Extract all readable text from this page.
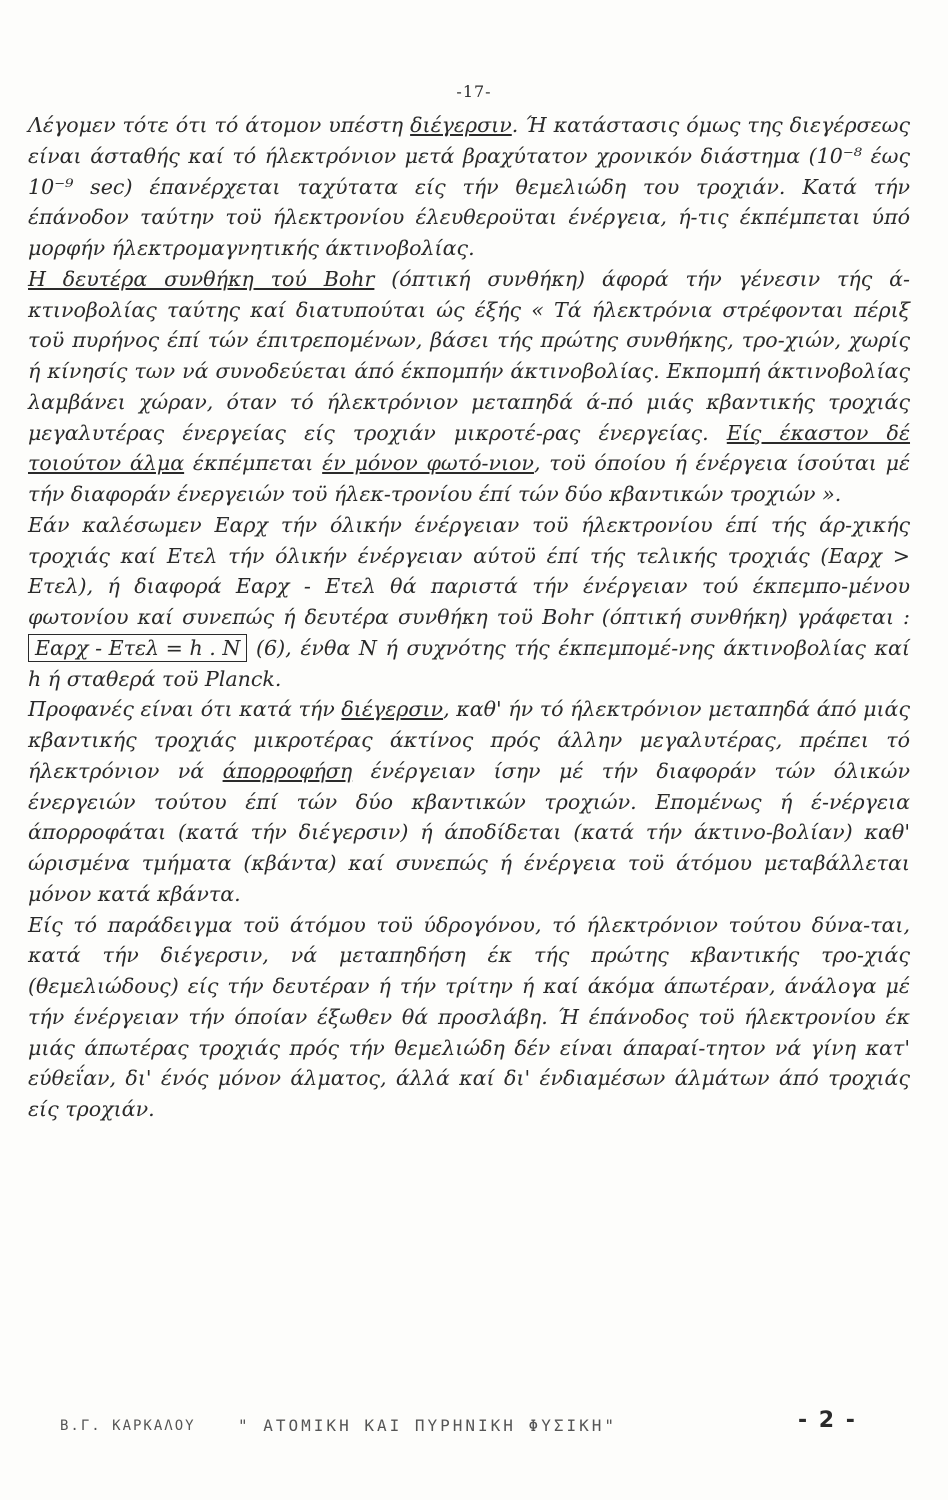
-17-

Λέγομεν τότε ότι τό άτομον υπέστη διέγερσιν. Ή κατάστασις όμως της διεγέρσεως είναι άσταθής καί τό ήλεκτρόνιον μετά βραχύτατον χρονικόν διάστημα (10⁻⁸ έως 10⁻⁹ sec) έπανέρχεται ταχύτατα είς τήν θεμελιώδη του τροχιάν. Κατά τήν έπάνοδον ταύτην τοϋ ήλεκτρονίου έλευθεροϋται ένέργεια, ή-τις έκπέμπεται ύπό μορφήν ήλεκτρομαγνητικής άκτινοβολίας.

Η δευτέρα συνθήκη τού Bohr (όπτική συνθήκη) άφορά τήν γένεσιν τής ά-κτινοβολίας ταύτης καί διατυπούται ώς έξής « Τά ήλεκτρόνια στρέφονται πέριξ τοϋ πυρήνος έπί τών έπιτρεπομένων, βάσει τής πρώτης συνθήκης, τρο-χιών, χωρίς ή κίνησίς των νά συνοδεύεται άπό έκπομπήν άκτινοβολίας. Εκπομπή άκτινοβολίας λαμβάνει χώραν, όταν τό ήλεκτρόνιον μεταπηδά ά-πό μιάς κβαντικής τροχιάς μεγαλυτέρας ένεργείας είς τροχιάν μικροτέ-ρας ένεργείας. Είς έκαστον δέ τοιούτον άλμα έκπέμπεται έν μόνον φωτό-νιον, τοϋ όποίου ή ένέργεια ίσούται μέ τήν διαφοράν ένεργειών τοϋ ήλεκ-τρονίου έπί τών δύο κβαντικών τροχιών ».

Εάν καλέσωμεν Eαρχ τήν όλικήν ένέργειαν τοϋ ήλεκτρονίου έπί τής άρ-χικής τροχιάς καί Eτελ τήν όλικήν ένέργειαν αύτοϋ έπί τής τελικής τροχιάς (Eαρχ > Eτελ), ή διαφορά Eαρχ - Eτελ θά παριστά τήν ένέργειαν τού έκπεμπο-μένου φωτονίου καί συνεπώς ή δευτέρα συνθήκη τοϋ Bohr (όπτική συνθήκη) γράφεται : Eαρχ - Eτελ = h . N (6), ένθα N ή συχνότης τής έκπεμπομέ-νης άκτινοβολίας καί h ή σταθερά τοϋ Planck.

Προφανές είναι ότι κατά τήν διέγερσιν, καθ' ήν τό ήλεκτρόνιον μεταπηδά άπό μιάς κβαντικής τροχιάς μικροτέρας άκτίνος πρός άλλην μεγαλυτέρας, πρέπει τό ήλεκτρόνιον νά άπορροφήση ένέργειαν ίσην μέ τήν διαφοράν τών όλικών ένεργειών τούτου έπί τών δύο κβαντικών τροχιών. Επομένως ή έ-νέργεια άπορροφάται (κατά τήν διέγερσιν) ή άποδίδεται (κατά τήν άκτινο-βολίαν) καθ' ώρισμένα τμήματα (κβάντα) καί συνεπώς ή ένέργεια τοϋ άτόμου μεταβάλλεται μόνον κατά κβάντα.

Είς τό παράδειγμα τοϋ άτόμου τοϋ ύδρογόνου, τό ήλεκτρόνιον τούτου δύνα-ται, κατά τήν διέγερσιν, νά μεταπηδήση έκ τής πρώτης κβαντικής τρο-χιάς (θεμελιώδους) είς τήν δευτέραν ή τήν τρίτην ή καί άκόμα άπωτέραν, άνάλογα μέ τήν ένέργειαν τήν όποίαν έξωθεν θά προσλάβη. Ή έπάνοδος τοϋ ήλεκτρονίου έκ μιάς άπωτέρας τροχιάς πρός τήν θεμελιώδη δέν είναι άπαραί-τητον νά γίνη κατ' εύθεΐαν, δι' ένός μόνον άλματος, άλλά καί δι' ένδιαμέσων άλμάτων άπό τροχιάς είς τροχιάν.

Β.Γ. ΚΑΡΚΑΛΟΥ	" ΑΤΟΜΙΚΗ ΚΑΙ ΠΥΡΗΝΙΚΗ ΦΥΣΙΚΗ"	- 2 -
